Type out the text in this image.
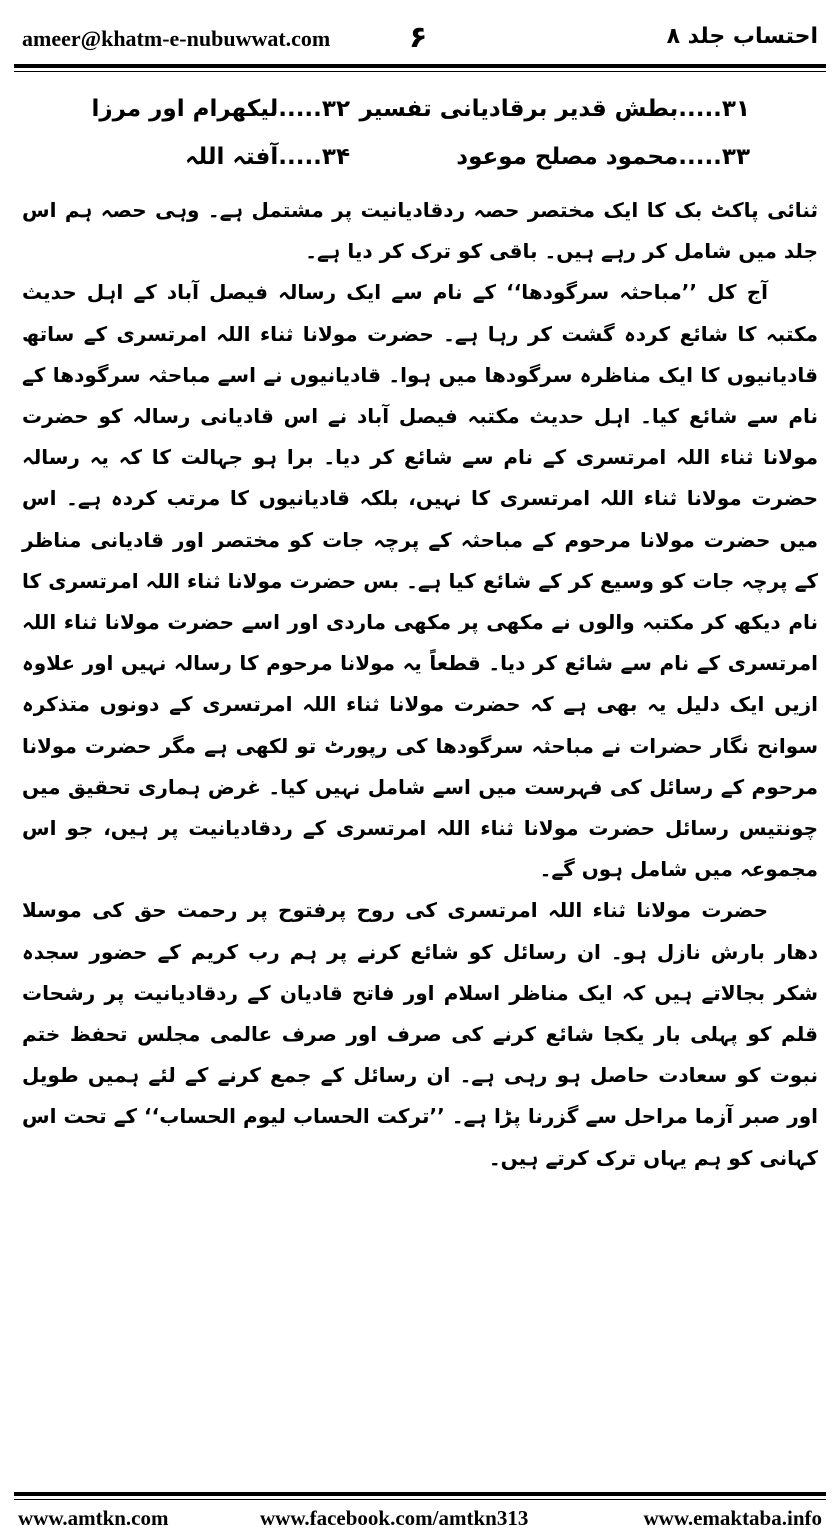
ameer@khatm-e-nubuwwat.com	۶	احتساب جلد ۸
۳۱.....بطش قدیر برقادیانی تفسیر
۳۲.....لیکھرام اور مرزا
۳۳.....محمود مصلح موعود
۳۴.....آفتہ اللہ

ثنائی پاکٹ بک کا ایک مختصر حصہ ردقادیانیت پر مشتمل ہے۔ وہی حصہ ہم اس جلد میں شامل کر رہے ہیں۔ باقی کو ترک کر دیا ہے۔

آج کل ’’مباحثہ سرگودھا‘‘ کے نام سے ایک رسالہ فیصل آباد کے اہل حدیث مکتبہ کا شائع کردہ گشت کر رہا ہے۔ حضرت مولانا ثناء اللہ امرتسری کے ساتھ قادیانیوں کا ایک مناظرہ سرگودھا میں ہوا۔ قادیانیوں نے اسے مباحثہ سرگودھا کے نام سے شائع کیا۔ اہل حدیث مکتبہ فیصل آباد نے اس قادیانی رسالہ کو حضرت مولانا ثناء اللہ امرتسری کے نام سے شائع کر دیا۔ برا ہو جہالت کا کہ یہ رسالہ حضرت مولانا ثناء اللہ امرتسری کا نہیں، بلکہ قادیانیوں کا مرتب کردہ ہے۔ اس میں حضرت مولانا مرحوم کے مباحثہ کے پرچہ جات کو مختصر اور قادیانی مناظر کے پرچہ جات کو وسیع کر کے شائع کیا ہے۔ بس حضرت مولانا ثناء اللہ امرتسری کا نام دیکھ کر مکتبہ والوں نے مکھی پر مکھی ماردی اور اسے حضرت مولانا ثناء اللہ امرتسری کے نام سے شائع کر دیا۔ قطعاً یہ مولانا مرحوم کا رسالہ نہیں اور علاوہ ازیں ایک دلیل یہ بھی ہے کہ حضرت مولانا ثناء اللہ امرتسری کے دونوں متذکرہ سوانح نگار حضرات نے مباحثہ سرگودھا کی رپورٹ تو لکھی ہے مگر حضرت مولانا مرحوم کے رسائل کی فہرست میں اسے شامل نہیں کیا۔ غرض ہماری تحقیق میں چونتیس رسائل حضرت مولانا ثناء اللہ امرتسری کے ردقادیانیت پر ہیں، جو اس مجموعہ میں شامل ہوں گے۔

حضرت مولانا ثناء اللہ امرتسری کی روح پرفتوح پر رحمت حق کی موسلا دھار بارش نازل ہو۔ ان رسائل کو شائع کرنے پر ہم رب کریم کے حضور سجدہ شکر بجالاتے ہیں کہ ایک مناظر اسلام اور فاتح قادیان کے ردقادیانیت پر رشحات قلم کو پہلی بار یکجا شائع کرنے کی صرف اور صرف عالمی مجلس تحفظ ختم نبوت کو سعادت حاصل ہو رہی ہے۔ ان رسائل کے جمع کرنے کے لئے ہمیں طویل اور صبر آزما مراحل سے گزرنا پڑا ہے۔ ’’ترکت الحساب لیوم الحساب‘‘ کے تحت اس کہانی کو ہم یہاں ترک کرتے ہیں۔

www.amtkn.com	www.facebook.com/amtkn313	www.emaktaba.info
